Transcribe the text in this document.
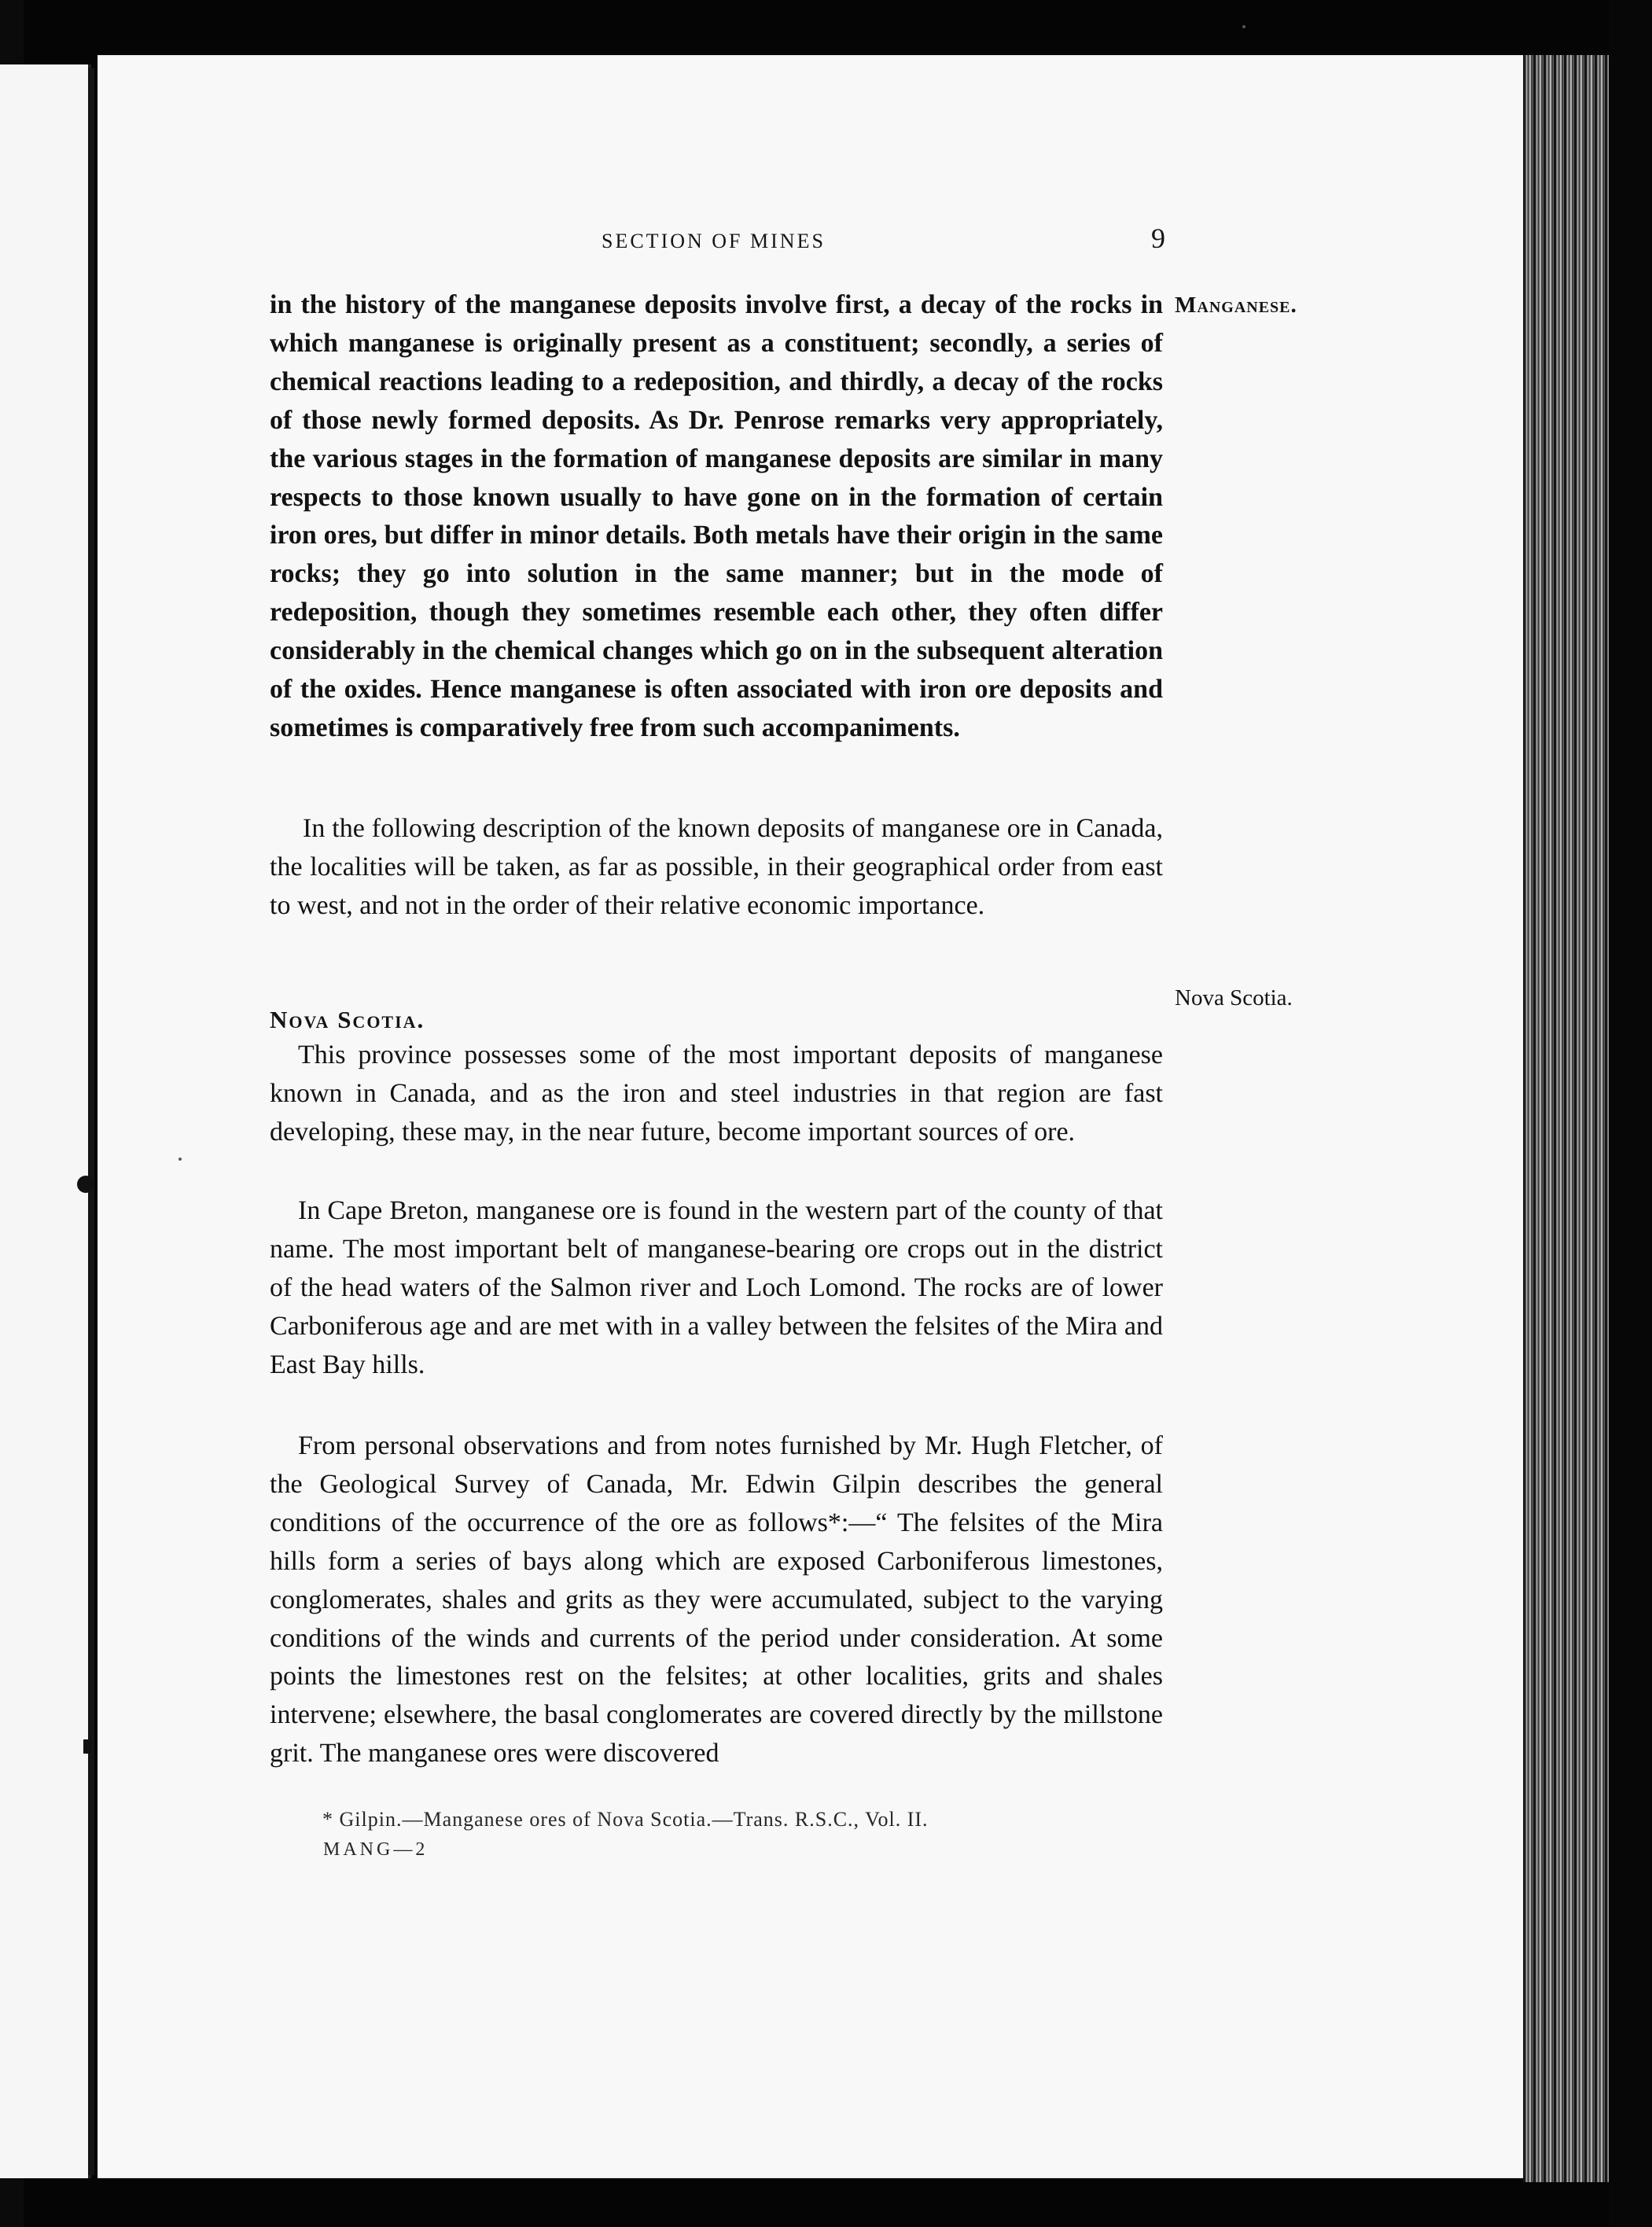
SECTION OF MINES	9
Manganese.
Nova Scotia.

in the history of the manganese deposits involve first, a decay of the rocks in which manganese is originally present as a constituent; secondly, a series of chemical reactions leading to a redeposition, and thirdly, a decay of the rocks of those newly formed deposits. As Dr. Penrose remarks very appropriately, the various stages in the formation of manganese deposits are similar in many respects to those known usually to have gone on in the formation of certain iron ores, but differ in minor details. Both metals have their origin in the same rocks; they go into solution in the same manner; but in the mode of redeposition, though they sometimes resemble each other, they often differ considerably in the chemical changes which go on in the subsequent alteration of the oxides. Hence manganese is often associated with iron ore deposits and sometimes is comparatively free from such accompaniments.

In the following description of the known deposits of manganese ore in Canada, the localities will be taken, as far as possible, in their geographical order from east to west, and not in the order of their relative economic importance.

Nova Scotia.

This province possesses some of the most important deposits of manganese known in Canada, and as the iron and steel industries in that region are fast developing, these may, in the near future, become important sources of ore.

In Cape Breton, manganese ore is found in the western part of the county of that name. The most important belt of manganese-bearing ore crops out in the district of the head waters of the Salmon river and Loch Lomond. The rocks are of lower Carboniferous age and are met with in a valley between the felsites of the Mira and East Bay hills.

From personal observations and from notes furnished by Mr. Hugh Fletcher, of the Geological Survey of Canada, Mr. Edwin Gilpin describes the general conditions of the occurrence of the ore as follows*:—“ The felsites of the Mira hills form a series of bays along which are exposed Carboniferous limestones, conglomerates, shales and grits as they were accumulated, subject to the varying conditions of the winds and currents of the period under consideration. At some points the limestones rest on the felsites; at other localities, grits and shales intervene; elsewhere, the basal conglomerates are covered directly by the millstone grit. The manganese ores were discovered

* Gilpin.—Manganese ores of Nova Scotia.—Trans. R.S.C., Vol. II.
MANG—2
